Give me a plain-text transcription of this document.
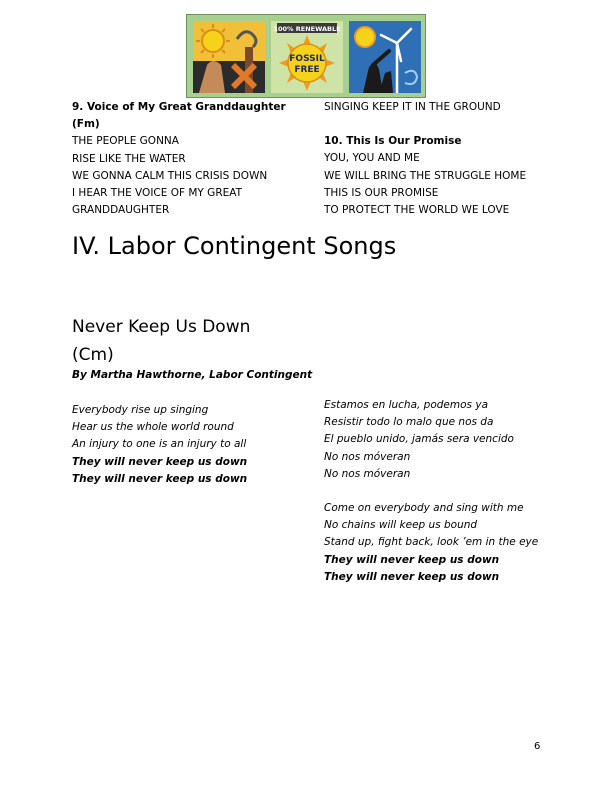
100% RENEWABLE
FOSSIL
FREE
9. Voice of My Great Granddaughter
(Fm)
THE PEOPLE GONNA
RISE LIKE THE WATER
WE GONNA CALM THIS CRISIS DOWN
I HEAR THE VOICE OF MY GREAT
GRANDDAUGHTER
SINGING KEEP IT IN THE GROUND
10. This Is Our Promise
YOU, YOU AND ME
WE WILL BRING THE STRUGGLE HOME
THIS IS OUR PROMISE
TO PROTECT THE WORLD WE LOVE
IV. Labor Contingent Songs
Never Keep Us Down
(Cm)
By Martha Hawthorne, Labor Contingent
Everybody rise up singing
Hear us the whole world round
An injury to one is an injury to all
They will never keep us down
They will never keep us down
Estamos en lucha, podemos ya
Resistir todo lo malo que nos da
El pueblo unido, jamás sera vencido
No nos móveran
No nos móveran
Come on everybody and sing with me
No chains will keep us bound
Stand up, fight back, look ’em in the eye
They will never keep us down
They will never keep us down
6
